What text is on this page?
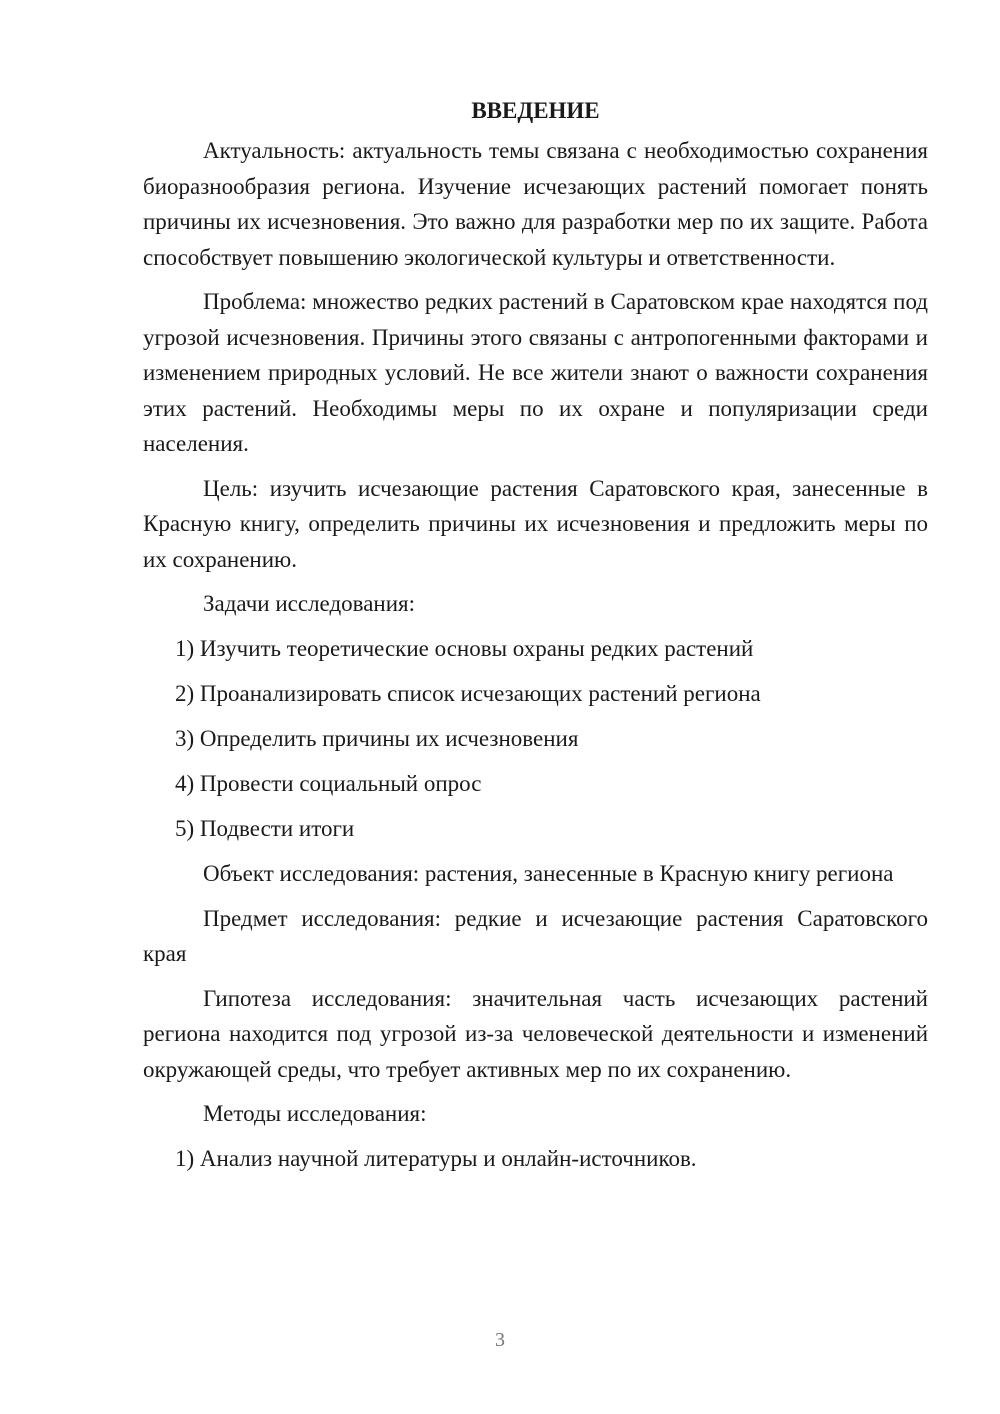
ВВЕДЕНИЕ

Актуальность: актуальность темы связана с необходимостью сохранения биоразнообразия региона. Изучение исчезающих растений помогает понять причины их исчезновения. Это важно для разработки мер по их защите. Работа способствует повышению экологической культуры и ответственности.

Проблема: множество редких растений в Саратовском крае находятся под угрозой исчезновения. Причины этого связаны с антропогенными факторами и изменением природных условий. Не все жители знают о важности сохранения этих растений. Необходимы меры по их охране и популяризации среди населения.

Цель: изучить исчезающие растения Саратовского края, занесенные в Красную книгу, определить причины их исчезновения и предложить меры по их сохранению.

Задачи исследования:

1) Изучить теоретические основы охраны редких растений
2) Проанализировать список исчезающих растений региона
3) Определить причины их исчезновения
4) Провести социальный опрос
5) Подвести итоги

Объект исследования: растения, занесенные в Красную книгу региона

Предмет исследования: редкие и исчезающие растения Саратовского края

Гипотеза исследования: значительная часть исчезающих растений региона находится под угрозой из-за человеческой деятельности и изменений окружающей среды, что требует активных мер по их сохранению.

Методы исследования:

1) Анализ научной литературы и онлайн-источников.
3
